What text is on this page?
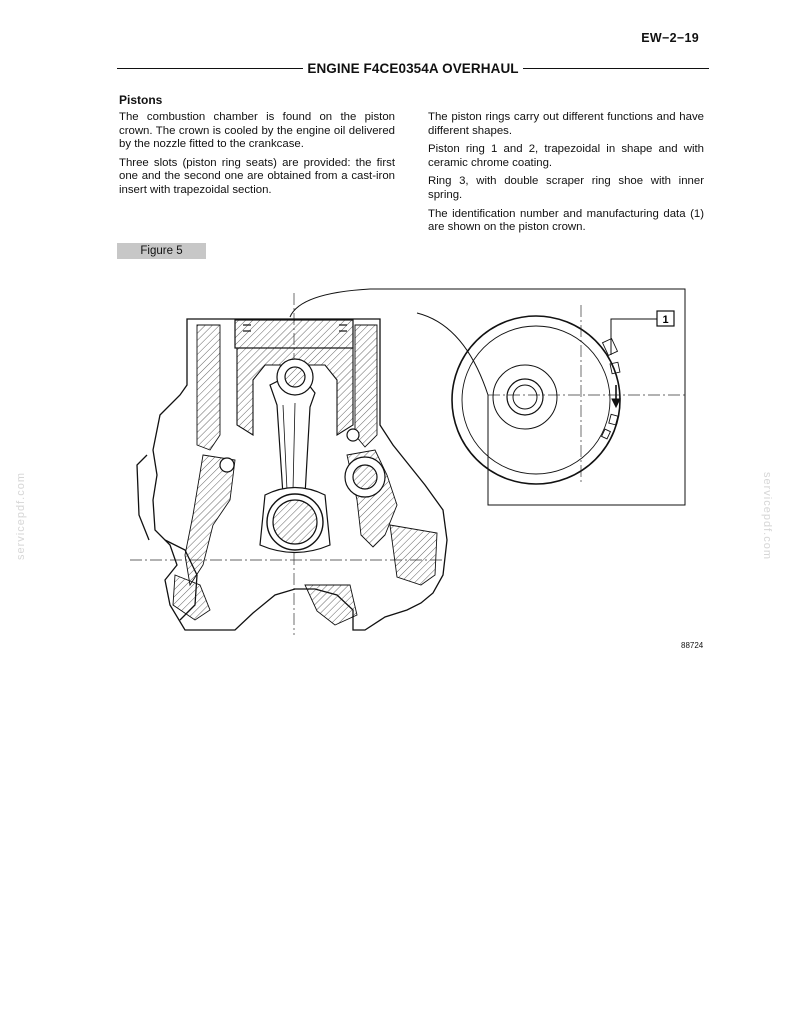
EW−2−19
ENGINE F4CE0354A OVERHAUL
Pistons

The combustion chamber is found on the piston crown. The crown is cooled by the engine oil delivered by the nozzle fitted to the crankcase.

Three slots (piston ring seats) are provided: the first one and the second one are obtained from a cast-iron insert with trapezoidal section.

The piston rings carry out different functions and have different shapes.

Piston ring 1 and 2, trapezoidal in shape and with ceramic chrome coating.

Ring 3, with double scraper ring shoe with inner spring.

The identification number and manufacturing data (1) are shown on the piston crown.

Figure 5
1
88724
servicepdf.com	servicepdf.com
